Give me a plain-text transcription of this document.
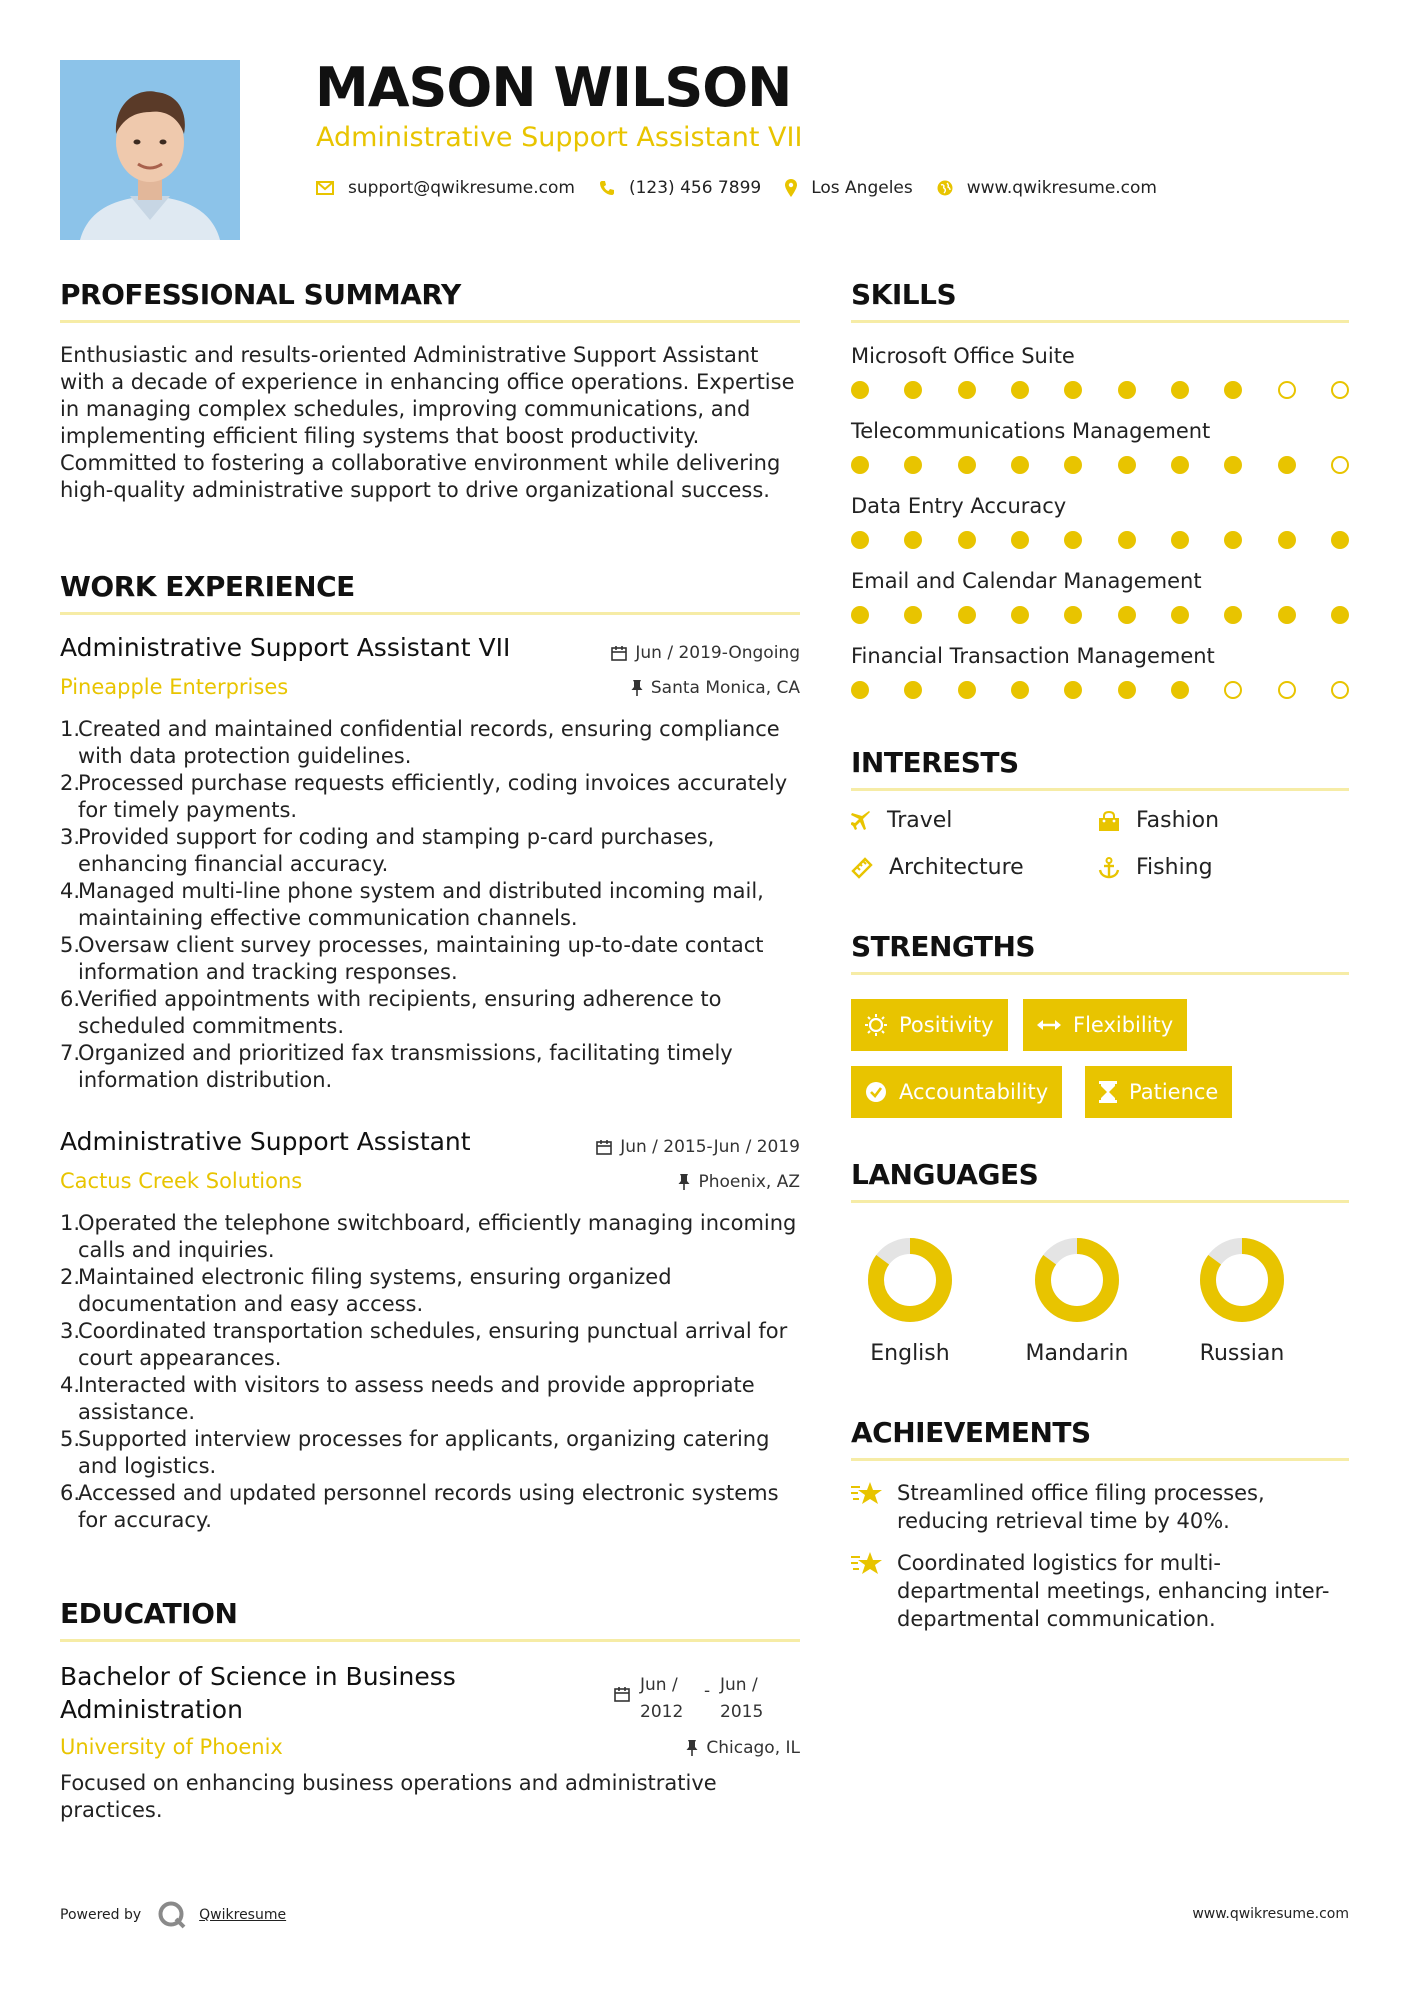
MASON WILSON
Administrative Support Assistant VII
support@qwikresume.com	(123) 456 7899	Los Angeles	www.qwikresume.com
PROFESSIONAL SUMMARY
Enthusiastic and results-oriented Administrative Support Assistant with a decade of experience in enhancing office operations. Expertise in managing complex schedules, improving communications, and implementing efficient filing systems that boost productivity. Committed to fostering a collaborative environment while delivering high-quality administrative support to drive organizational success.
WORK EXPERIENCE
Administrative Support Assistant VII	Jun / 2019-Ongoing
Pineapple Enterprises	Santa Monica, CA
1.
Created and maintained confidential records, ensuring compliance with data protection guidelines.
2.
Processed purchase requests efficiently, coding invoices accurately for timely payments.
3.
Provided support for coding and stamping p-card purchases, enhancing financial accuracy.
4.
Managed multi-line phone system and distributed incoming mail, maintaining effective communication channels.
5.
Oversaw client survey processes, maintaining up-to-date contact information and tracking responses.
6.
Verified appointments with recipients, ensuring adherence to scheduled commitments.
7.
Organized and prioritized fax transmissions, facilitating timely information distribution.
Administrative Support Assistant	Jun / 2015-Jun / 2019
Cactus Creek Solutions	Phoenix, AZ
1.
Operated the telephone switchboard, efficiently managing incoming calls and inquiries.
2.
Maintained electronic filing systems, ensuring organized documentation and easy access.
3.
Coordinated transportation schedules, ensuring punctual arrival for court appearances.
4.
Interacted with visitors to assess needs and provide appropriate assistance.
5.
Supported interview processes for applicants, organizing catering and logistics.
6.
Accessed and updated personnel records using electronic systems for accuracy.
EDUCATION
Bachelor of Science in Business
Administration
Jun /
2012
- Jun /
2015
University of Phoenix	Chicago, IL
Focused on enhancing business operations and administrative practices.
SKILLS
Microsoft Office Suite
Telecommunications Management
Data Entry Accuracy
Email and Calendar Management
Financial Transaction Management
INTERESTS
Travel	Fashion
Architecture	Fishing
STRENGTHS
Positivity	Flexibility
Accountability	Patience
LANGUAGES
English	Mandarin	Russian
ACHIEVEMENTS
Streamlined office filing processes, reducing retrieval time by 40%.
Coordinated logistics for multi-departmental meetings, enhancing inter-departmental communication.
Powered by	Qwikresume	www.qwikresume.com
